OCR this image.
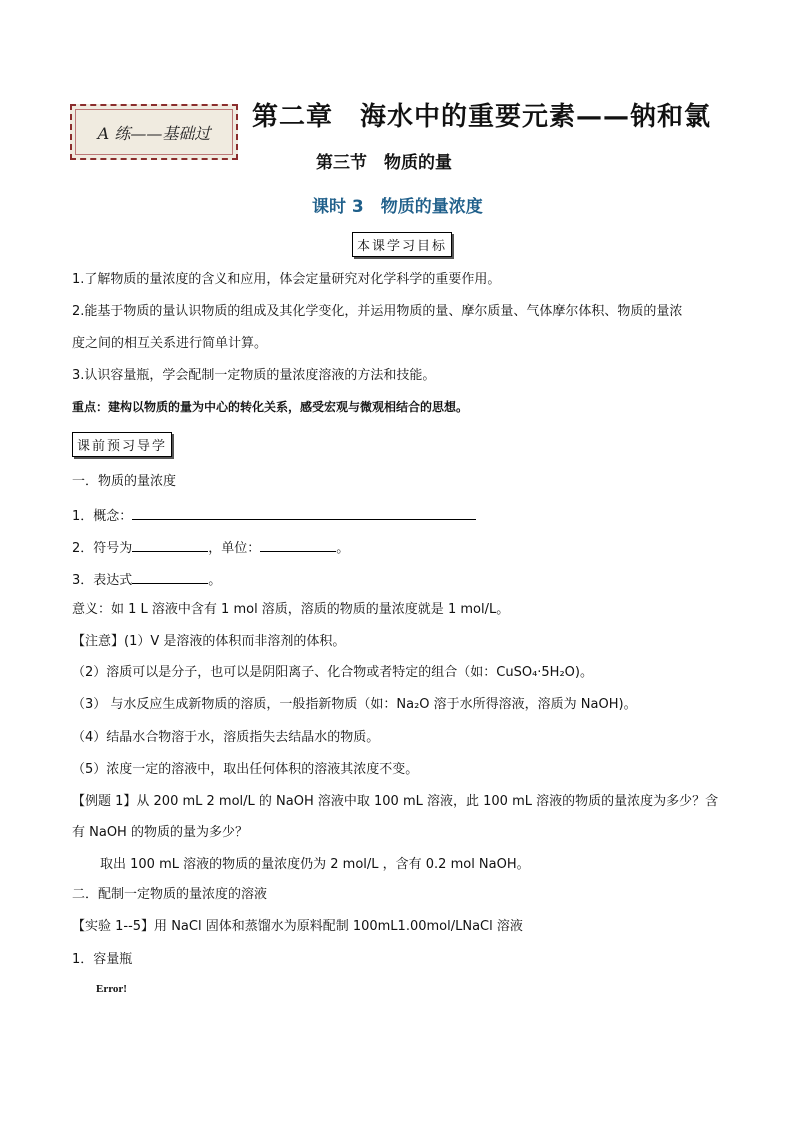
A 练——基础过
第二章　海水中的重要元素——钠和氯
第三节　物质的量
课时 3　物质的量浓度
本课学习目标
1.了解物质的量浓度的含义和应用，体会定量研究对化学科学的重要作用。
2.能基于物质的量认识物质的组成及其化学变化，并运用物质的量、摩尔质量、气体摩尔体积、物质的量浓
度之间的相互关系进行简单计算。
3.认识容量瓶，学会配制一定物质的量浓度溶液的方法和技能。
重点：建构以物质的量为中心的转化关系，感受宏观与微观相结合的思想。
课前预习导学
一．物质的量浓度
1．概念：
2．符号为	，单位：	。
3．表达式	。
意义：如 1 L 溶液中含有 1 mol 溶质，溶质的物质的量浓度就是 1 mol/L。
【注意】(1）V 是溶液的体积而非溶剂的体积。
（2）溶质可以是分子，也可以是阴阳离子、化合物或者特定的组合（如：CuSO₄·5H₂O)。
（3） 与水反应生成新物质的溶质，一般指新物质（如：Na₂O 溶于水所得溶液，溶质为 NaOH)。
（4）结晶水合物溶于水，溶质指失去结晶水的物质。
（5）浓度一定的溶液中，取出任何体积的溶液其浓度不变。
【例题 1】从 200 mL 2 mol/L 的 NaOH 溶液中取 100 mL 溶液，此 100 mL 溶液的物质的量浓度为多少？含
有 NaOH 的物质的量为多少？
取出 100 mL 溶液的物质的量浓度仍为 2 mol/L ，含有 0.2 mol NaOH。
二．配制一定物质的量浓度的溶液
【实验 1--5】用 NaCl 固体和蒸馏水为原料配制 100mL1.00mol/LNaCl 溶液
1．容量瓶
Error!
